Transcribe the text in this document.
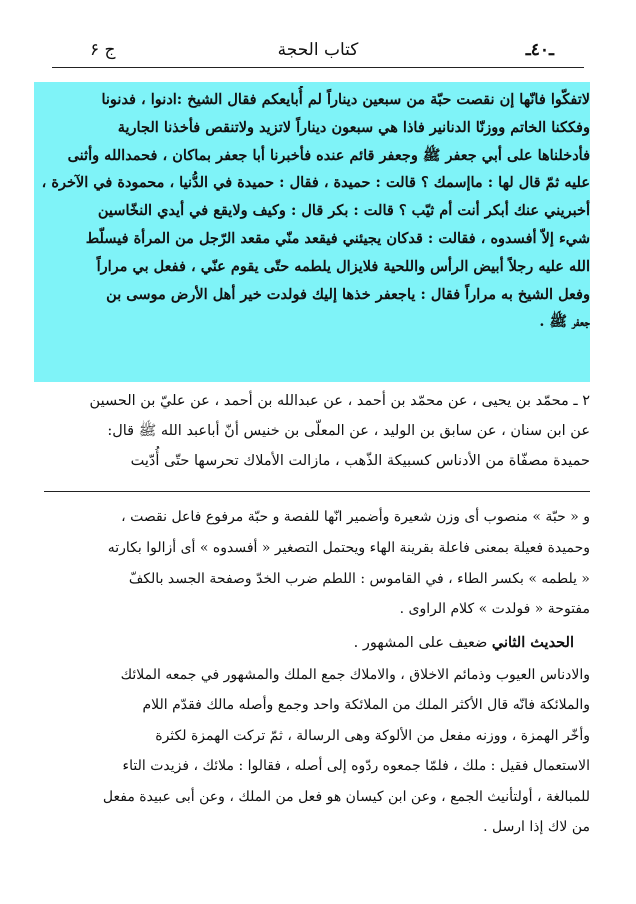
ج ۶	كتاب الحجة	ـ٤٠ـ
لاتفكّوا فانّها إن نقصت حبّة من سبعين ديناراً لم أُبايعكم فقال الشيخ :ادنوا ، فدنونا
وفككنا الخاتم ووزنّا الدنانير فاذا هي سبعون ديناراً لاتزيد ولاتنقص فأخذنا الجارية
فأدخلناها على أبي جعفر ﷺ وجعفر قائم عنده فأخبرنا أبا جعفر بماكان ، فحمدالله وأثنى
عليه ثمّ قال لها : ماإسمك ؟ قالت : حميدة ، فقال : حميدة في الدُّنيا ، محمودة في الآخرة ،
أخبريني عنك أبكر أنت أم ثيّب ؟ قالت : بكر قال : وكيف ولايقع في أيدي النخّاسين
شيء إلاّ أفسدوه ، فقالت : قدكان يجيئني فيقعد منّي مقعد الرّجل من المرأة فيسلّط
الله عليه رجلاً أبيض الرأس واللحية فلايزال يلطمه حتّى يقوم عنّي ، ففعل بي مراراً
وفعل الشيخ به مراراً فقال : ياجعفر خذها إليك فولدت خير أهل الأرض موسى بن
جعفر ﷺ .
٢ ـ محمّد بن يحيى ، عن محمّد بن أحمد ، عن عبدالله بن أحمد ، عن عليّ بن الحسين
عن ابن سنان ، عن سابق بن الوليد ، عن المعلّى بن خنيس أنّ أباعبد الله ﷺ قال:
حميدة مصفّاة من الأدناس كسبيكة الذّهب ، مازالت الأملاك تحرسها حتّى أُدّيت
و « حبّة » منصوب أى وزن شعيرة وأضمير انّها للفصة و حبّة مرفوع فاعل نقصت ،
وحميدة فعيلة بمعنى فاعلة بقرينة الهاء ويحتمل التصغير « أفسدوه » أى أزالوا بكارته
« يلطمه » بكسر الطاء ، في القاموس : اللطم ضرب الخدّ وصفحة الجسد بالكفّ
مفتوحة « فولدت » كلام الراوى .
الحديث الثاني ضعيف على المشهور .
والادناس العيوب وذمائم الاخلاق ، والاملاك جمع الملك والمشهور في جمعه الملائك
والملائكة فانّه قال الأكثر الملك من الملائكة واحد وجمع وأصله مالك فقدّم اللام
وأخّر الهمزة ، ووزنه مفعل من الألوكة وهى الرسالة ، ثمّ تركت الهمزة لكثرة
الاستعمال فقيل : ملك ، فلمّا جمعوه ردّوه إلى أصله ، فقالوا : ملائك ، فزيدت التاء
للمبالغة ، أولتأنيث الجمع ، وعن ابن كيسان هو فعل من الملك ، وعن أبى عبيدة مفعل
من لاك إذا ارسل .
